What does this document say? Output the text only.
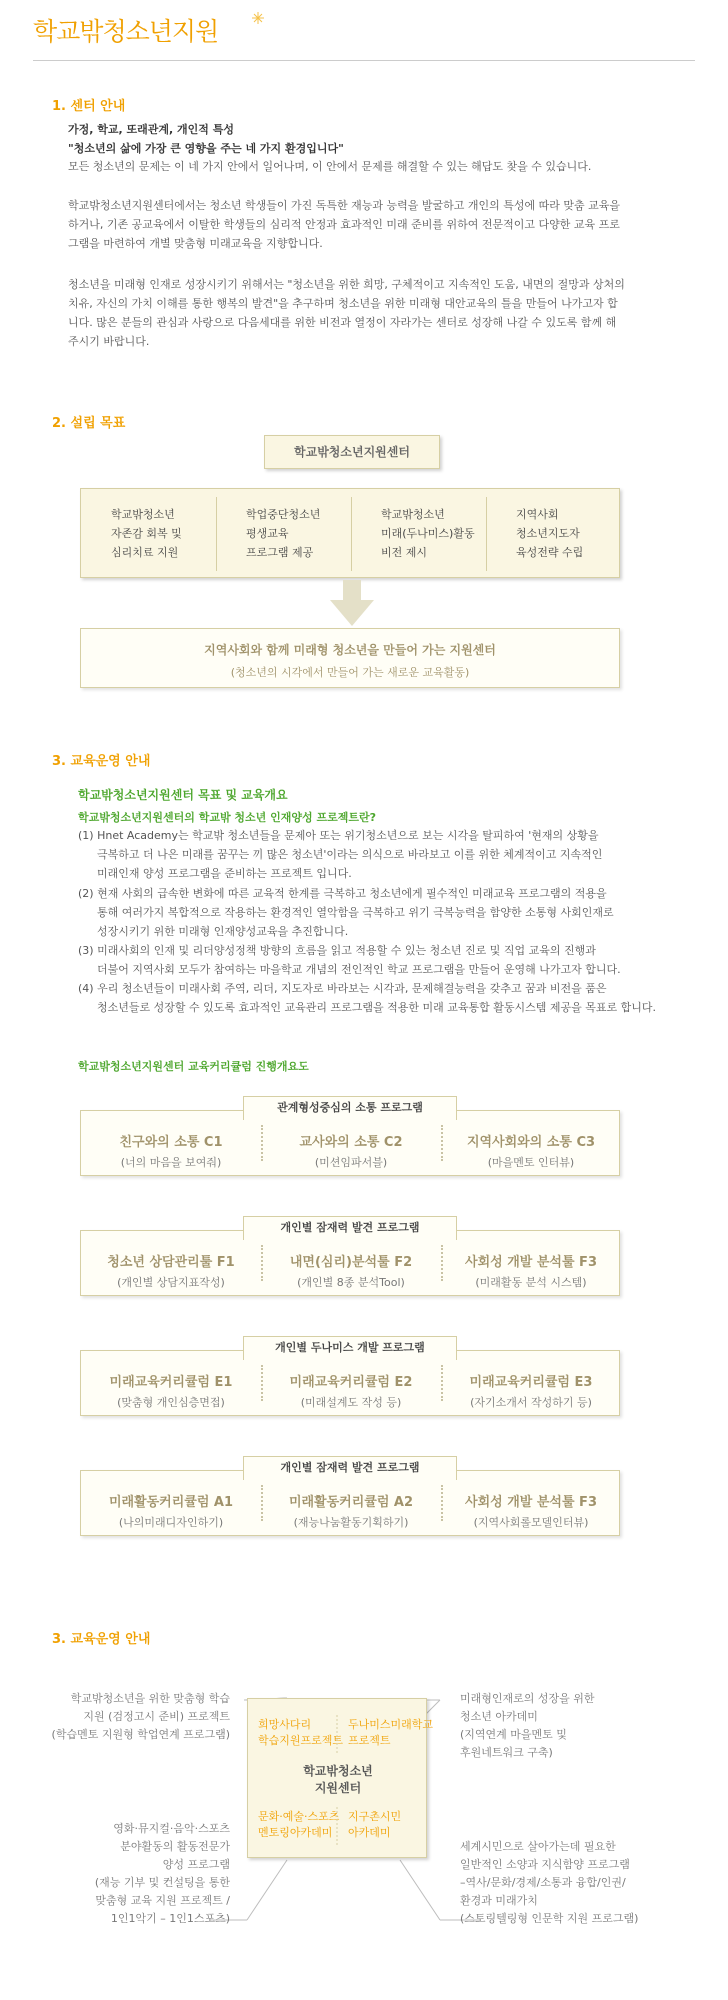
학교밖청소년지원
1. 센터 안내
가정, 학교, 또래관계, 개인적 특성
"청소년의 삶에 가장 큰 영향을 주는 네 가지 환경입니다"
모든 청소년의 문제는 이 네 가지 안에서 일어나며, 이 안에서 문제를 해결할 수 있는 해답도 찾을 수 있습니다.
학교밖청소년지원센터에서는 청소년 학생들이 가진 독특한 재능과 능력을 발굴하고 개인의 특성에 따라 맞춤 교육을 하거나, 기존 공교육에서 이탈한 학생들의 심리적 안정과 효과적인 미래 준비를 위하여 전문적이고 다양한 교육 프로그램을 마련하여 개별 맞춤형 미래교육을 지향합니다.
청소년을 미래형 인재로 성장시키기 위해서는 "청소년을 위한 희망, 구체적이고 지속적인 도움, 내면의 절망과 상처의 치유, 자신의 가치 이해를 통한 행복의 발견"을 추구하며 청소년을 위한 미래형 대안교육의 틀을 만들어 나가고자 합니다. 많은 분들의 관심과 사랑으로 다음세대를 위한 비전과 열정이 자라가는 센터로 성장해 나갈 수 있도록 함께 해 주시기 바랍니다.
2. 설립 목표
학교밖청소년지원센터
학교밖청소년
자존감 회복 및
심리치료 지원
학업중단청소년
평생교육
프로그램 제공
학교밖청소년
미래(두나미스)활동
비전 제시
지역사회
청소년지도자
육성전략 수립
지역사회와 함께 미래형 청소년을 만들어 가는 지원센터
(청소년의 시각에서 만들어 가는 새로운 교육활동)
3. 교육운영 안내
학교밖청소년지원센터 목표 및 교육개요
학교밖청소년지원센터의 학교밖 청소년 인재양성 프로젝트란?
(1) Hnet Academy는 학교밖 청소년들을 문제아 또는 위기청소년으로 보는 시각을 탈피하여 '현재의 상황을
극복하고 더 나은 미래를 꿈꾸는 끼 많은 청소년'이라는 의식으로 바라보고 이를 위한 체계적이고 지속적인
미래인재 양성 프로그램을 준비하는 프로젝트 입니다.
(2) 현재 사회의 급속한 변화에 따른 교육적 한계를 극복하고 청소년에게 필수적인 미래교육 프로그램의 적용을
통해 여러가지 복합적으로 작용하는 환경적인 열악함을 극복하고 위기 극복능력을 함양한 소통형 사회인재로
성장시키기 위한 미래형 인재양성교육을 추진합니다.
(3) 미래사회의 인재 및 리더양성정책 방향의 흐름을 읽고 적용할 수 있는 청소년 진로 및 직업 교육의 진행과
더불어 지역사회 모두가 참여하는 마을학교 개념의 전인적인 학교 프로그램을 만들어 운영해 나가고자 합니다.
(4) 우리 청소년들이 미래사회 주역, 리더, 지도자로 바라보는 시각과, 문제해결능력을 갖추고 꿈과 비전을 품은
청소년들로 성장할 수 있도록 효과적인 교육관리 프로그램을 적용한 미래 교육통합 활동시스템 제공을 목표로 합니다.
학교밖청소년지원센터 교육커리큘럼 진행개요도
친구와의 소통 C1
(너의 마음을 보여줘)
교사와의 소통 C2
(미션임파서블)
지역사회와의 소통 C3
(마을멘토 인터뷰)
관계형성중심의 소통 프로그램
청소년 상담관리툴 F1
(개인별 상담지표작성)
내면(심리)분석툴 F2
(개인별 8종 분석Tool)
사회성 개발 분석툴 F3
(미래활동 분석 시스템)
개인별 잠재력 발견 프로그램
미래교육커리큘럼 E1
(맞춤형 개인심층면접)
미래교육커리큘럼 E2
(미래설계도 작성 등)
미래교육커리큘럼 E3
(자기소개서 작성하기 등)
개인별 두나미스 개발 프로그램
미래활동커리큘럼 A1
(나의미래디자인하기)
미래활동커리큘럼 A2
(재능나눔활동기획하기)
사회성 개발 분석툴 F3
(지역사회롤모델인터뷰)
개인별 잠재력 발견 프로그램
3. 교육운영 안내
희망사다리
학습지원프로젝트
두나미스미래학교
프로젝트
학교밖청소년
지원센터
문화·예술·스포츠
멘토링아카데미
지구촌시민
아카데미
학교밖청소년을 위한 맞춤형 학습
지원 (검정고시 준비) 프로젝트
(학습멘토 지원형 학업연계 프로그램)
미래형인재로의 성장을 위한
청소년 아카데미
(지역연계 마을멘토 및
후원네트워크 구축)
영화·뮤지컬·음악·스포츠
분야활동의 활동전문가
양성 프로그램
(재능 기부 및 컨설팅을 통한
맞춤형 교육 지원 프로젝트 /
1인1악기 – 1인1스포츠)
세계시민으로 살아가는데 필요한
일반적인 소양과 지식함양 프로그램
–역사/문화/경제/소통과 융합/인권/
환경과 미래가치
(스토링텔링형 인문학 지원 프로그램)
